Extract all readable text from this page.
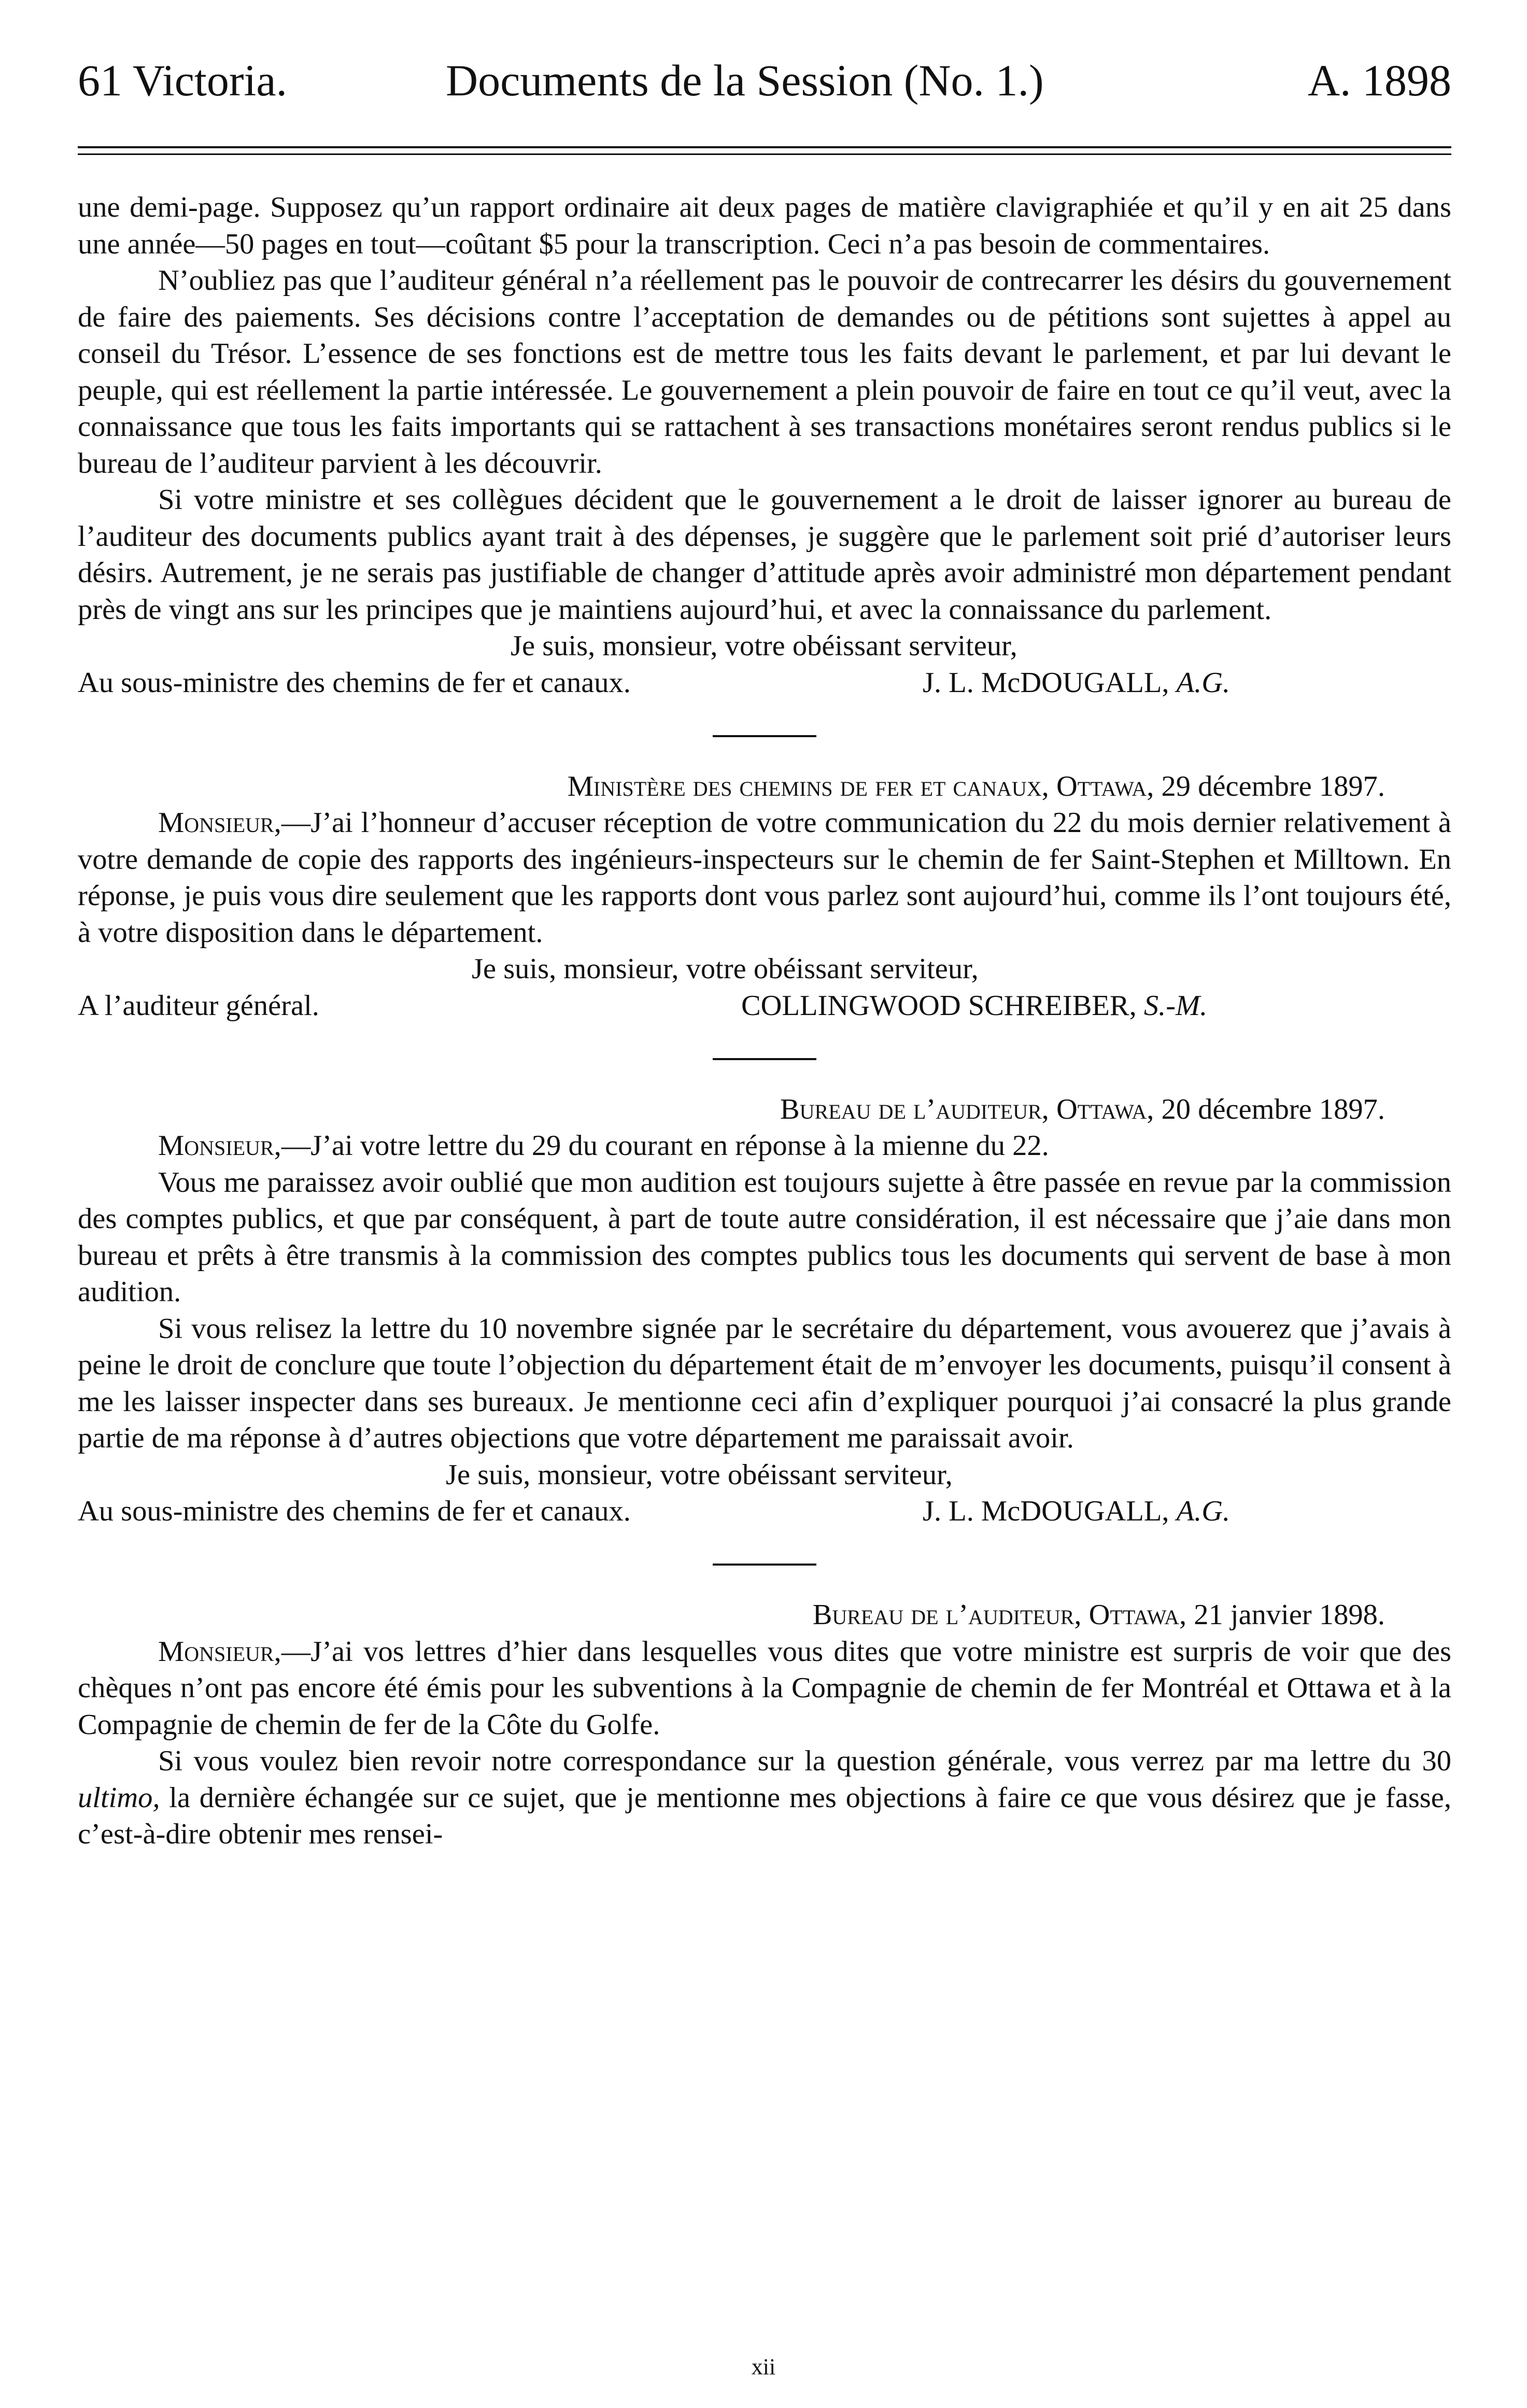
61 Victoria.	Documents de la Session (No. 1.)	A. 1898

une demi-page. Supposez qu’un rapport ordinaire ait deux pages de matière clavigraphiée et qu’il y en ait 25 dans une année—50 pages en tout—coûtant $5 pour la transcription. Ceci n’a pas besoin de commentaires.

N’oubliez pas que l’auditeur général n’a réellement pas le pouvoir de contrecarrer les désirs du gouvernement de faire des paiements. Ses décisions contre l’acceptation de demandes ou de pétitions sont sujettes à appel au conseil du Trésor. L’essence de ses fonctions est de mettre tous les faits devant le parlement, et par lui devant le peuple, qui est réellement la partie intéressée. Le gouvernement a plein pouvoir de faire en tout ce qu’il veut, avec la connaissance que tous les faits importants qui se rattachent à ses transactions monétaires seront rendus publics si le bureau de l’auditeur parvient à les découvrir.

Si votre ministre et ses collègues décident que le gouvernement a le droit de laisser ignorer au bureau de l’auditeur des documents publics ayant trait à des dépenses, je suggère que le parlement soit prié d’autoriser leurs désirs. Autrement, je ne serais pas justifiable de changer d’attitude après avoir administré mon département pendant près de vingt ans sur les principes que je maintiens aujourd’hui, et avec la connaissance du parlement.

Je suis, monsieur, votre obéissant serviteur,

Au sous-ministre des chemins de fer et canaux.	J. L. McDOUGALL, A.G.

Ministère des chemins de fer et canaux, Ottawa, 29 décembre 1897.

Monsieur,—J’ai l’honneur d’accuser réception de votre communication du 22 du mois dernier relativement à votre demande de copie des rapports des ingénieurs-inspecteurs sur le chemin de fer Saint-Stephen et Milltown. En réponse, je puis vous dire seulement que les rapports dont vous parlez sont aujourd’hui, comme ils l’ont toujours été, à votre disposition dans le département.

Je suis, monsieur, votre obéissant serviteur,

A l’auditeur général.	COLLINGWOOD SCHREIBER, S.-M.

Bureau de l’auditeur, Ottawa, 20 décembre 1897.

Monsieur,—J’ai votre lettre du 29 du courant en réponse à la mienne du 22.

Vous me paraissez avoir oublié que mon audition est toujours sujette à être passée en revue par la commission des comptes publics, et que par conséquent, à part de toute autre considération, il est nécessaire que j’aie dans mon bureau et prêts à être transmis à la commission des comptes publics tous les documents qui servent de base à mon audition.

Si vous relisez la lettre du 10 novembre signée par le secrétaire du département, vous avouerez que j’avais à peine le droit de conclure que toute l’objection du département était de m’envoyer les documents, puisqu’il consent à me les laisser inspecter dans ses bureaux. Je mentionne ceci afin d’expliquer pourquoi j’ai consacré la plus grande partie de ma réponse à d’autres objections que votre département me paraissait avoir.

Je suis, monsieur, votre obéissant serviteur,

Au sous-ministre des chemins de fer et canaux.	J. L. McDOUGALL, A.G.

Bureau de l’auditeur, Ottawa, 21 janvier 1898.

Monsieur,—J’ai vos lettres d’hier dans lesquelles vous dites que votre ministre est surpris de voir que des chèques n’ont pas encore été émis pour les subventions à la Compagnie de chemin de fer Montréal et Ottawa et à la Compagnie de chemin de fer de la Côte du Golfe.

Si vous voulez bien revoir notre correspondance sur la question générale, vous verrez par ma lettre du 30 ultimo, la dernière échangée sur ce sujet, que je mentionne mes objections à faire ce que vous désirez que je fasse, c’est-à-dire obtenir mes rensei-

xii
